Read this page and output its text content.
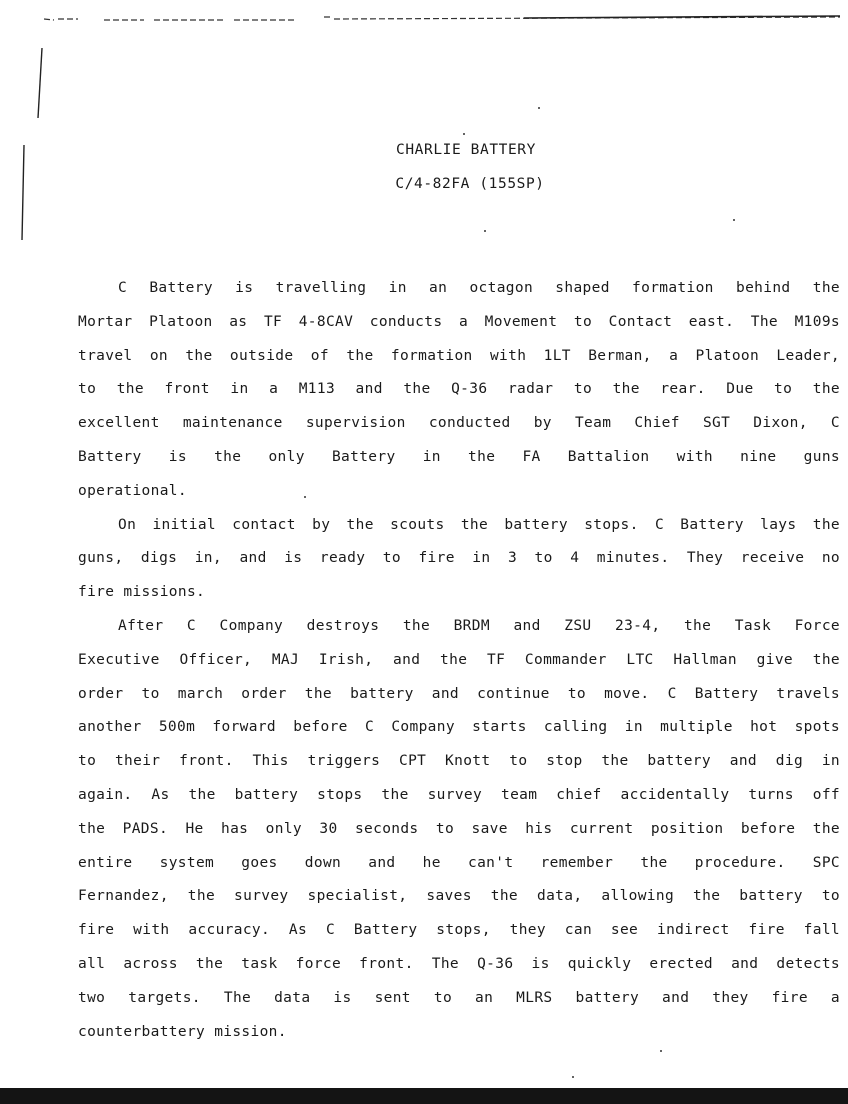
CHARLIE BATTERY
C/4-82FA (155SP)
C Battery is travelling in an octagon shaped formation behind the
Mortar Platoon as TF 4-8CAV conducts a Movement to Contact east. The M109s
travel on the outside of the formation with 1LT Berman, a Platoon Leader,
to the front in a M113 and the Q-36 radar to the rear. Due to the
excellent maintenance supervision conducted by Team Chief SGT Dixon, C
Battery is the only Battery in the FA Battalion with nine guns
operational.
On initial contact by the scouts the battery stops. C Battery lays the
guns, digs in, and is ready to fire in 3 to 4 minutes. They receive no
fire missions.
After C Company destroys the BRDM and ZSU 23-4, the Task Force
Executive Officer, MAJ Irish, and the TF Commander LTC Hallman give the
order to march order the battery and continue to move. C Battery travels
another 500m forward before C Company starts calling in multiple hot spots
to their front. This triggers CPT Knott to stop the battery and dig in
again. As the battery stops the survey team chief accidentally turns off
the PADS. He has only 30 seconds to save his current position before the
entire system goes down and he can't remember the procedure. SPC
Fernandez, the survey specialist, saves the data, allowing the battery to
fire with accuracy. As C Battery stops, they can see indirect fire fall
all across the task force front. The Q-36 is quickly erected and detects
two targets. The data is sent to an MLRS battery and they fire a
counterbattery mission.
